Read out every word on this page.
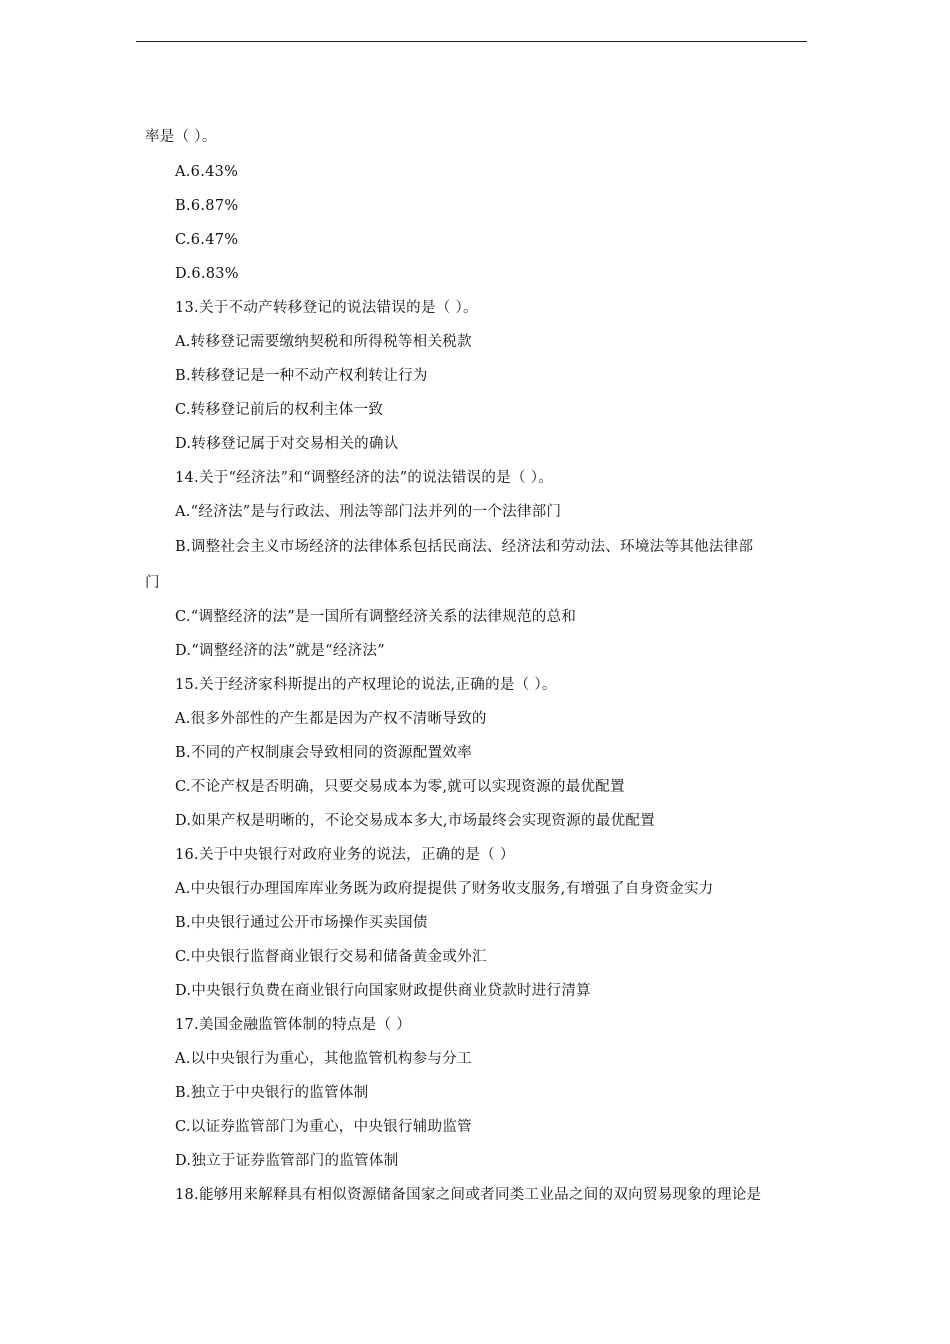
率是（ ）。
A.6.43%
B.6.87%
C.6.47%
D.6.83%
13.关于不动产转移登记的说法错误的是（ ）。
A.转移登记需要缴纳契税和所得税等相关税款
B.转移登记是一种不动产权利转让行为
C.转移登记前后的权利主体一致
D.转移登记属于对交易相关的确认
14.关于“经济法”和“调整经济的法”的说法错误的是（ ）。
A.“经济法”是与行政法、刑法等部门法并列的一个法律部门
B.调整社会主义市场经济的法律体系包括民商法、经济法和劳动法、环境法等其他法律部
门
C.“调整经济的法”是一国所有调整经济关系的法律规范的总和
D.“调整经济的法”就是“经济法”
15.关于经济家科斯提出的产权理论的说法,正确的是（ ）。
A.很多外部性的产生都是因为产权不清晰导致的
B.不同的产权制康会导致相同的资源配置效率
C.不论产权是否明确，只要交易成本为零,就可以实现资源的最优配置
D.如果产权是明晰的，不论交易成本多大,市场最终会实现资源的最优配置
16.关于中央银行对政府业务的说法，正确的是（ ）
A.中央银行办理国库库业务既为政府提提供了财务收支服务,有增强了自身资金实力
B.中央银行通过公开市场操作买卖国债
C.中央银行监督商业银行交易和储备黄金或外汇
D.中央银行负费在商业银行向国家财政提供商业贷款时进行清算
17.美国金融监管体制的特点是（ ）
A.以中央银行为重心，其他监管机构参与分工
B.独立于中央银行的监管体制
C.以证券监管部门为重心，中央银行辅助监管
D.独立于证券监管部门的监管体制
18.能够用来解释具有相似资源储备国家之间或者同类工业品之间的双向贸易现象的理论是
